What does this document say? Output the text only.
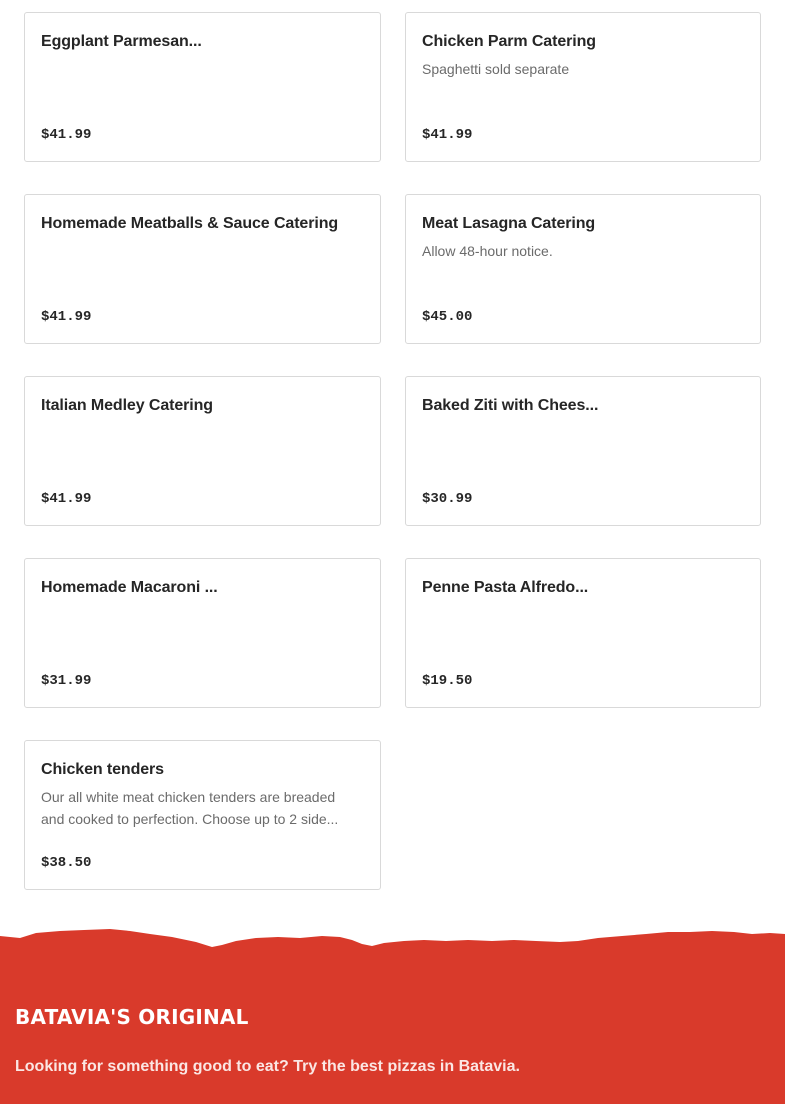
Eggplant Parmesan...
$41.99
Chicken Parm Catering
Spaghetti sold separate
$41.99
Homemade Meatballs & Sauce Catering
$41.99
Meat Lasagna Catering
Allow 48-hour notice.
$45.00
Italian Medley Catering
$41.99
Baked Ziti with Chees...
$30.99
Homemade Macaroni ...
$31.99
Penne Pasta Alfredo...
$19.50
Chicken tenders
Our all white meat chicken tenders are breaded and cooked to perfection. Choose up to 2 side...
$38.50
BATAVIA'S ORIGINAL

Looking for something good to eat? Try the best pizzas in Batavia.
